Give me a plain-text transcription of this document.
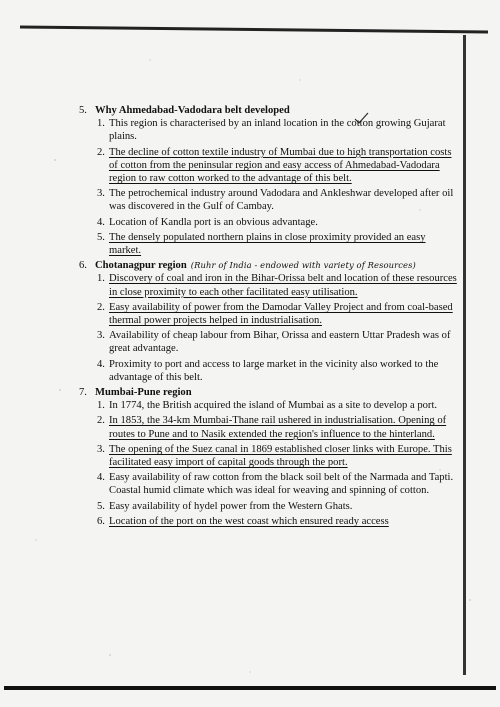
5. Why Ahmedabad-Vadodara belt developed
1. This region is characterised by an inland location in the cotton growing Gujarat plains.
2. The decline of cotton textile industry of Mumbai due to high transportation costs of cotton from the peninsular region and easy access of Ahmedabad-Vadodara region to raw cotton worked to the advantage of this belt.
3. The petrochemical industry around Vadodara and Ankleshwar developed after oil was discovered in the Gulf of Cambay.
4. Location of Kandla port is an obvious advantage.
5. The densely populated northern plains in close proximity provided an easy market.
6. Chotanagpur region (Ruhr of India - endowed with variety of Resources)
1. Discovery of coal and iron in the Bihar-Orissa belt and location of these resources in close proximity to each other facilitated easy utilisation.
2. Easy availability of power from the Damodar Valley Project and from coal-based thermal power projects helped in industrialisation.
3. Availability of cheap labour from Bihar, Orissa and eastern Uttar Pradesh was of great advantage.
4. Proximity to port and access to large market in the vicinity also worked to the advantage of this belt.
7. Mumbai-Pune region
1. In 1774, the British acquired the island of Mumbai as a site to develop a port.
2. In 1853, the 34-km Mumbai-Thane rail ushered in industrialisation. Opening of routes to Pune and to Nasik extended the region's influence to the hinterland.
3. The opening of the Suez canal in 1869 established closer links with Europe. This facilitated easy import of capital goods through the port.
4. Easy availability of raw cotton from the black soil belt of the Narmada and Tapti. Coastal humid climate which was ideal for weaving and spinning of cotton.
5. Easy availability of hydel power from the Western Ghats.
6. Location of the port on the west coast which ensured ready access
